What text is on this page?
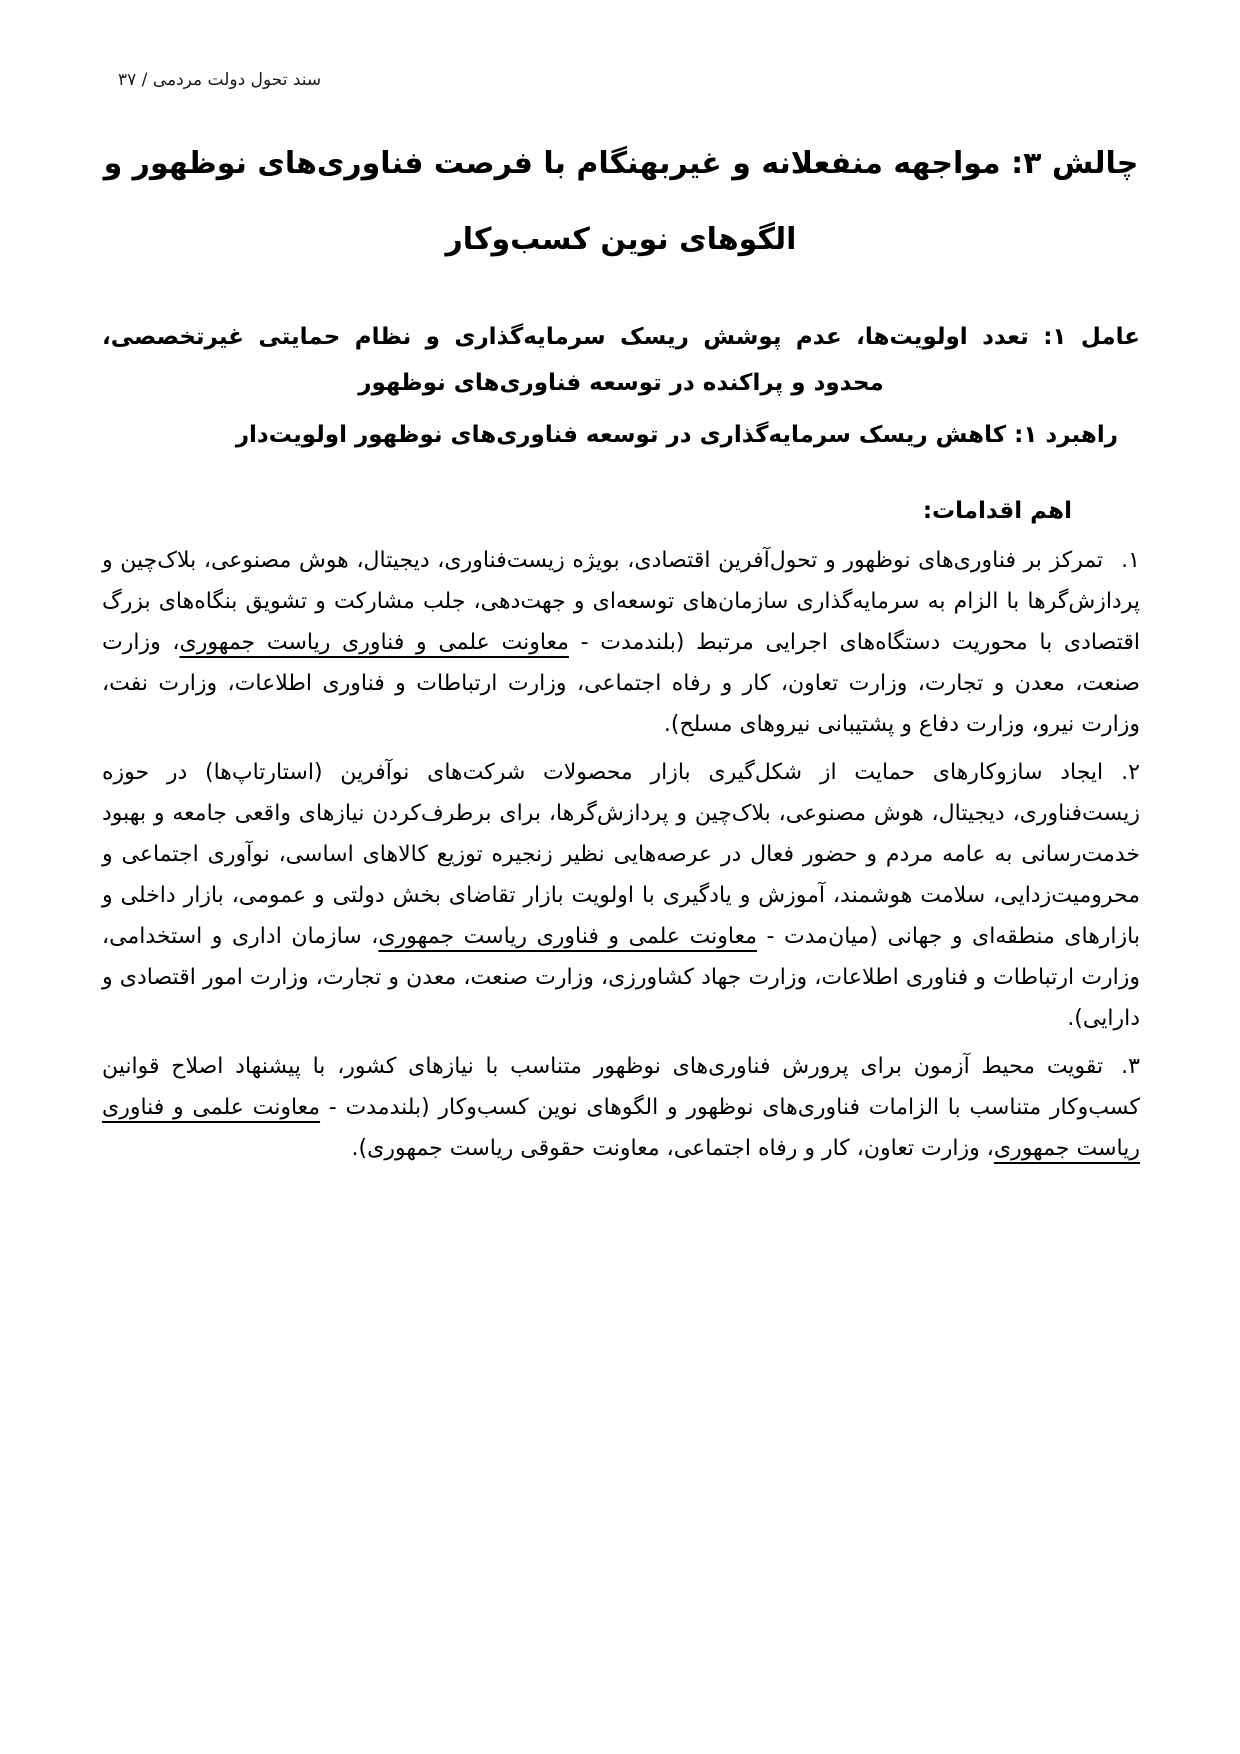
سند تحول دولت مردمی / ۳۷
چالش ۳: مواجهه منفعلانه و غیربهنگام با فرصت فناوری‌های نوظهور و
الگوهای نوین کسب‌وکار

عامل ۱: تعدد اولویت‌ها، عدم پوشش ریسک سرمایه‌گذاری و نظام حمایتی غیرتخصصی، محدود و پراکنده در توسعه فناوری‌های نوظهور

راهبرد ۱: کاهش ریسک سرمایه‌گذاری در توسعه فناوری‌های نوظهور اولویت‌دار

اهم اقدامات:

۱.تمرکز بر فناوری‌های نوظهور و تحول‌آفرین اقتصادی، بویژه زیست‌فناوری، دیجیتال، هوش مصنوعی، بلاک‌چین و پردازش‌گرها با الزام به سرمایه‌گذاری سازمان‌های توسعه‌ای و جهت‌دهی، جلب مشارکت و تشویق بنگاه‌های بزرگ اقتصادی با محوریت دستگاه‌های اجرایی مرتبط (بلندمدت - معاونت علمی و فناوری ریاست جمهوری، وزارت صنعت، معدن و تجارت، وزارت تعاون، کار و رفاه اجتماعی، وزارت ارتباطات و فناوری اطلاعات، وزارت نفت، وزارت نیرو، وزارت دفاع و پشتیبانی نیروهای مسلح).

۲.ایجاد سازوکارهای حمایت از شکل‌گیری بازار محصولات شرکت‌های نوآفرین (استارتاپ‌ها) در حوزه زیست‌فناوری، دیجیتال، هوش مصنوعی، بلاک‌چین و پردازش‌گرها، برای برطرف‌کردن نیازهای واقعی جامعه و بهبود خدمت‌رسانی به عامه مردم و حضور فعال در عرصه‌هایی نظیر زنجیره توزیع کالاهای اساسی، نوآوری اجتماعی و محرومیت‌زدایی، سلامت هوشمند، آموزش و یادگیری با اولویت بازار تقاضای بخش دولتی و عمومی، بازار داخلی و بازارهای منطقه‌ای و جهانی (میان‌مدت - معاونت علمی و فناوری ریاست جمهوری، سازمان اداری و استخدامی، وزارت ارتباطات و فناوری اطلاعات، وزارت جهاد کشاورزی، وزارت صنعت، معدن و تجارت، وزارت امور اقتصادی و دارایی).

۳.تقویت محیط آزمون برای پرورش فناوری‌های نوظهور متناسب با نیازهای کشور، با پیشنهاد اصلاح قوانین کسب‌وکار متناسب با الزامات فناوری‌های نوظهور و الگوهای نوین کسب‌وکار (بلندمدت - معاونت علمی و فناوری ریاست جمهوری، وزارت تعاون، کار و رفاه اجتماعی، معاونت حقوقی ریاست جمهوری).
